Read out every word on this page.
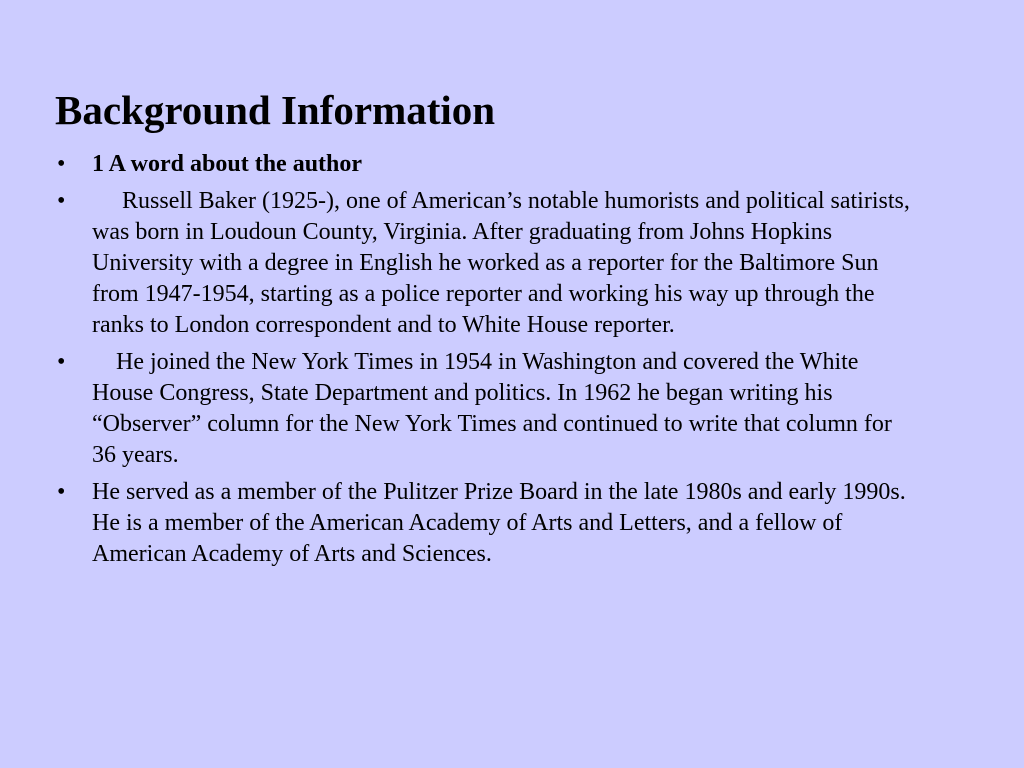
Background Information
• 1 A word about the author
• Russell Baker (1925-), one of American’s notable humorists and political satirists, was born in Loudoun County, Virginia. After graduating from Johns Hopkins University with a degree in English he worked as a reporter for the Baltimore Sun from 1947-1954, starting as a police reporter and working his way up through the ranks to London correspondent and to White House reporter.
• He joined the New York Times in 1954 in Washington and covered the White House Congress, State Department and politics. In 1962 he began writing his “Observer” column for the New York Times and continued to write that column for 36 years.
• He served as a member of the Pulitzer Prize Board in the late 1980s and early 1990s. He is a member of the American Academy of Arts and Letters, and a fellow of American Academy of Arts and Sciences.
